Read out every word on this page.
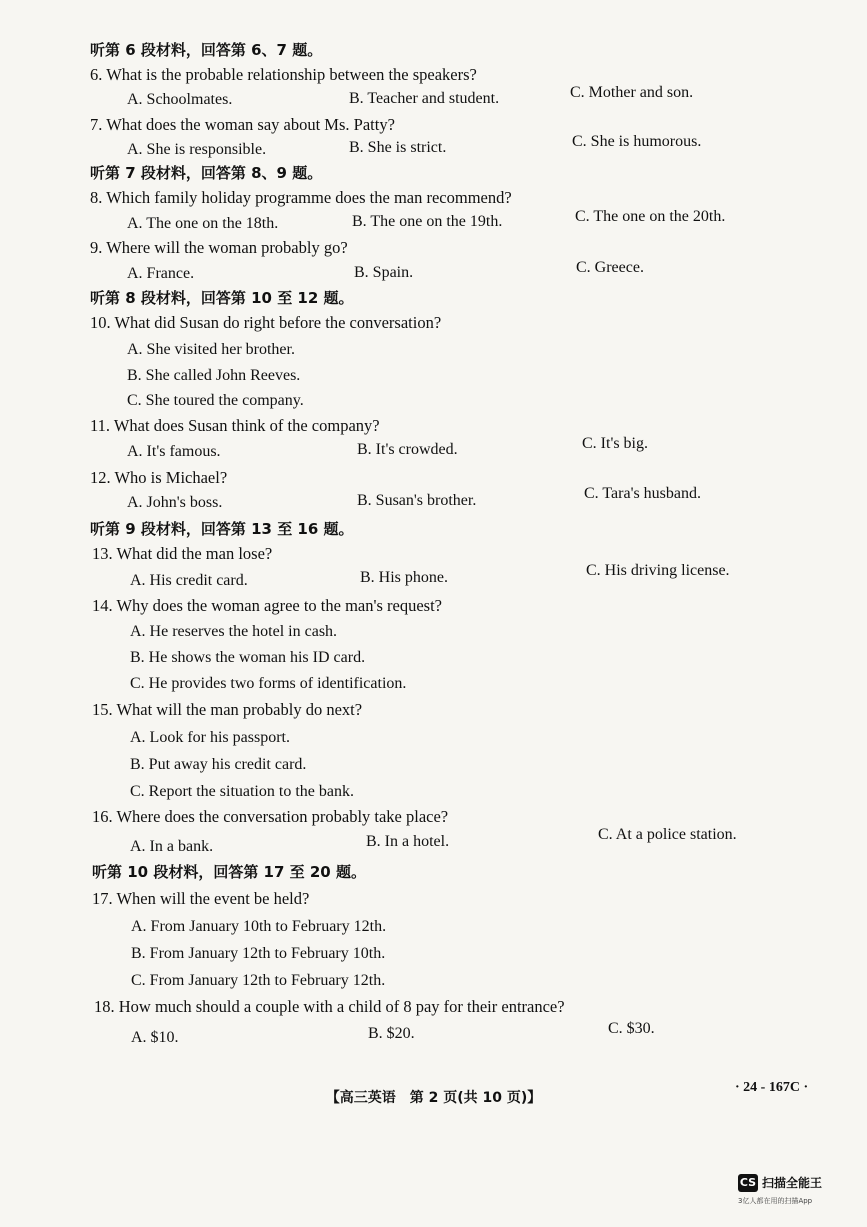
听第 6 段材料，回答第 6、7 题。
6. What is the probable relationship between the speakers?
A. Schoolmates.	B. Teacher and student.	C. Mother and son.
7. What does the woman say about Ms. Patty?
A. She is responsible.	B. She is strict.	C. She is humorous.
听第 7 段材料，回答第 8、9 题。
8. Which family holiday programme does the man recommend?
A. The one on the 18th.	B. The one on the 19th.	C. The one on the 20th.
9. Where will the woman probably go?
A. France.	B. Spain.	C. Greece.
听第 8 段材料，回答第 10 至 12 题。
10. What did Susan do right before the conversation?
A. She visited her brother.
B. She called John Reeves.
C. She toured the company.
11. What does Susan think of the company?
A. It's famous.	B. It's crowded.	C. It's big.
12. Who is Michael?
A. John's boss.	B. Susan's brother.	C. Tara's husband.
听第 9 段材料，回答第 13 至 16 题。
13. What did the man lose?
A. His credit card.	B. His phone.	C. His driving license.
14. Why does the woman agree to the man's request?
A. He reserves the hotel in cash.
B. He shows the woman his ID card.
C. He provides two forms of identification.
15. What will the man probably do next?
A. Look for his passport.
B. Put away his credit card.
C. Report the situation to the bank.
16. Where does the conversation probably take place?
A. In a bank.	B. In a hotel.	C. At a police station.
听第 10 段材料，回答第 17 至 20 题。
17. When will the event be held?
A. From January 10th to February 12th.
B. From January 12th to February 10th.
C. From January 12th to February 12th.
18. How much should a couple with a child of 8 pay for their entrance?
A. $10.	B. $20.	C. $30.
【高三英语　第 2 页(共 10 页)】
· 24 - 167C ·
CS 扫描全能王
3亿人都在用的扫描App
